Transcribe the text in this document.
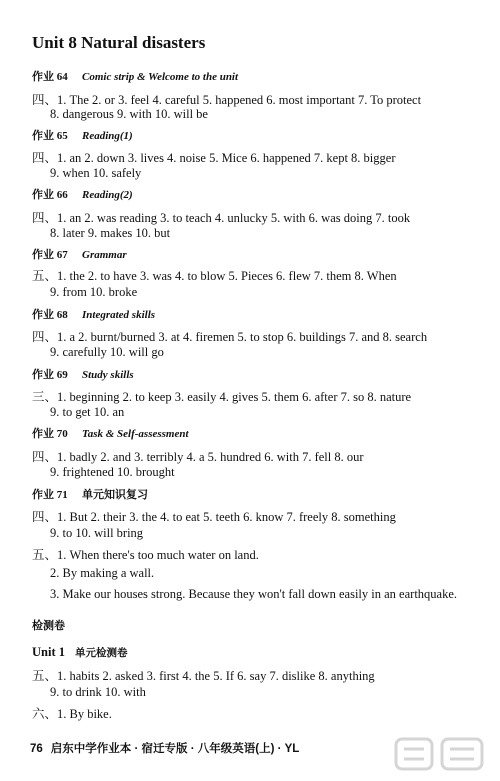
Unit 8 Natural disasters
作业 64 Comic strip & Welcome to the unit
四、1. The 2. or 3. feel 4. careful 5. happened 6. most important 7. To protect
8. dangerous 9. with 10. will be
作业 65 Reading(1)
四、1. an 2. down 3. lives 4. noise 5. Mice 6. happened 7. kept 8. bigger
9. when 10. safely
作业 66 Reading(2)
四、1. an 2. was reading 3. to teach 4. unlucky 5. with 6. was doing 7. took
8. later 9. makes 10. but
作业 67 Grammar
五、1. the 2. to have 3. was 4. to blow 5. Pieces 6. flew 7. them 8. When
9. from 10. broke
作业 68 Integrated skills
四、1. a 2. burnt/burned 3. at 4. firemen 5. to stop 6. buildings 7. and 8. search
9. carefully 10. will go
作业 69 Study skills
三、1. beginning 2. to keep 3. easily 4. gives 5. them 6. after 7. so 8. nature
9. to get 10. an
作业 70 Task & Self-assessment
四、1. badly 2. and 3. terribly 4. a 5. hundred 6. with 7. fell 8. our
9. frightened 10. brought
作业 71 单元知识复习
四、1. But 2. their 3. the 4. to eat 5. teeth 6. know 7. freely 8. something
9. to 10. will bring
五、1. When there's too much water on land.
2. By making a wall.
3. Make our houses strong. Because they won't fall down easily in an earthquake.
检测卷
Unit 1 单元检测卷
五、1. habits 2. asked 3. first 4. the 5. If 6. say 7. dislike 8. anything
9. to drink 10. with
六、1. By bike.
76 启东中学作业本 · 宿迁专版 · 八年级英语(上) · YL
